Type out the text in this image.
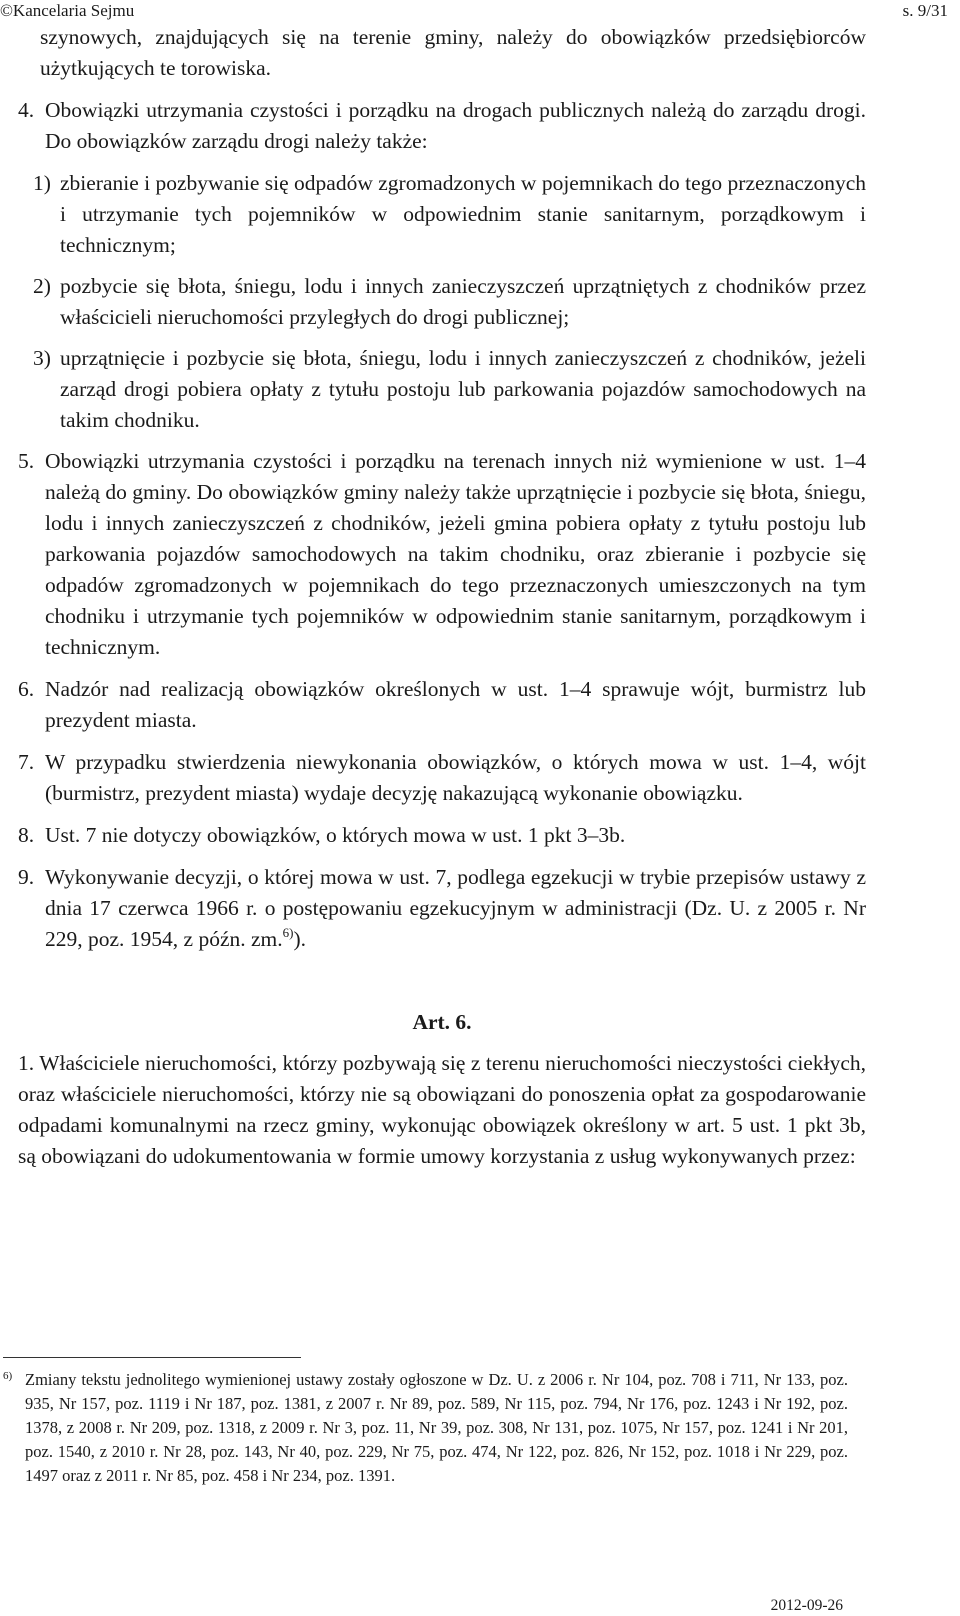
©Kancelaria Sejmu	s. 9/31

szynowych, znajdujących się na terenie gminy, należy do obowiązków przedsiębiorców użytkujących te torowiska.

4. Obowiązki utrzymania czystości i porządku na drogach publicznych należą do zarządu drogi. Do obowiązków zarządu drogi należy także:
1) zbieranie i pozbywanie się odpadów zgromadzonych w pojemnikach do tego przeznaczonych i utrzymanie tych pojemników w odpowiednim stanie sanitarnym, porządkowym i technicznym;
2) pozbycie się błota, śniegu, lodu i innych zanieczyszczeń uprzątniętych z chodników przez właścicieli nieruchomości przyległych do drogi publicznej;
3) uprzątnięcie i pozbycie się błota, śniegu, lodu i innych zanieczyszczeń z chodników, jeżeli zarząd drogi pobiera opłaty z tytułu postoju lub parkowania pojazdów samochodowych na takim chodniku.
5. Obowiązki utrzymania czystości i porządku na terenach innych niż wymienione w ust. 1–4 należą do gminy. Do obowiązków gminy należy także uprzątnięcie i pozbycie się błota, śniegu, lodu i innych zanieczyszczeń z chodników, jeżeli gmina pobiera opłaty z tytułu postoju lub parkowania pojazdów samochodowych na takim chodniku, oraz zbieranie i pozbycie się odpadów zgromadzonych w pojemnikach do tego przeznaczonych umieszczonych na tym chodniku i utrzymanie tych pojemników w odpowiednim stanie sanitarnym, porządkowym i technicznym.
6. Nadzór nad realizacją obowiązków określonych w ust. 1–4 sprawuje wójt, burmistrz lub prezydent miasta.
7. W przypadku stwierdzenia niewykonania obowiązków, o których mowa w ust. 1–4, wójt (burmistrz, prezydent miasta) wydaje decyzję nakazującą wykonanie obowiązku.
8. Ust. 7 nie dotyczy obowiązków, o których mowa w ust. 1 pkt 3–3b.
9. Wykonywanie decyzji, o której mowa w ust. 7, podlega egzekucji w trybie przepisów ustawy z dnia 17 czerwca 1966 r. o postępowaniu egzekucyjnym w administracji (Dz. U. z 2005 r. Nr 229, poz. 1954, z późn. zm.$^{6)}$).
Art. 6.

1. Właściciele nieruchomości, którzy pozbywają się z terenu nieruchomości nieczystości ciekłych, oraz właściciele nieruchomości, którzy nie są obowiązani do ponoszenia opłat za gospodarowanie odpadami komunalnymi na rzecz gminy, wykonując obowiązek określony w art. 5 ust. 1 pkt 3b, są obowiązani do udokumentowania w formie umowy korzystania z usług wykonywanych przez:

6) Zmiany tekstu jednolitego wymienionej ustawy zostały ogłoszone w Dz. U. z 2006 r. Nr 104, poz. 708 i 711, Nr 133, poz. 935, Nr 157, poz. 1119 i Nr 187, poz. 1381, z 2007 r. Nr 89, poz. 589, Nr 115, poz. 794, Nr 176, poz. 1243 i Nr 192, poz. 1378, z 2008 r. Nr 209, poz. 1318, z 2009 r. Nr 3, poz. 11, Nr 39, poz. 308, Nr 131, poz. 1075, Nr 157, poz. 1241 i Nr 201, poz. 1540, z 2010 r. Nr 28, poz. 143, Nr 40, poz. 229, Nr 75, poz. 474, Nr 122, poz. 826, Nr 152, poz. 1018 i Nr 229, poz. 1497 oraz z 2011 r. Nr 85, poz. 458 i Nr 234, poz. 1391.
2012-09-26
